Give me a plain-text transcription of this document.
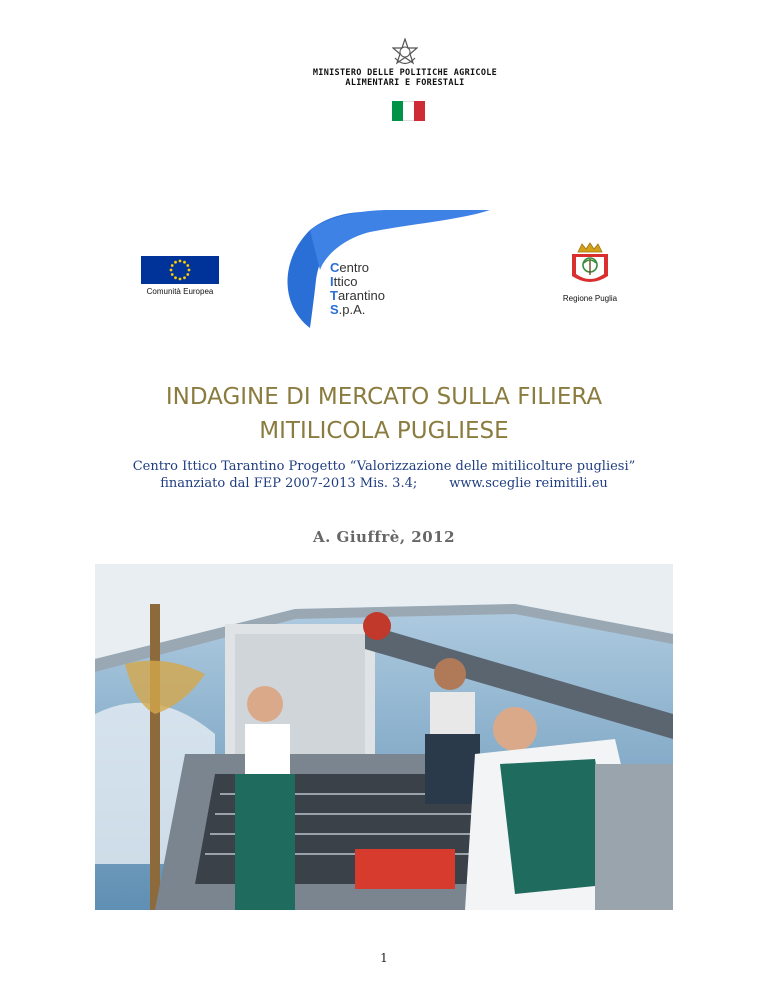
MINISTERO DELLE POLITICHE AGRICOLE
ALIMENTARI E FORESTALI
Comunità Europea
Centro
Ittico
Tarantino
S.p.A.
Regione Puglia
INDAGINE DI MERCATO SULLA FILIERA
MITILICOLA PUGLIESE
Centro Ittico Tarantino Progetto “Valorizzazione delle mitilicolture pugliesi”
finanziato dal FEP 2007-2013 Mis. 3.4; www.sceglie reimitili.eu
A. Giuffrè, 2012
1
